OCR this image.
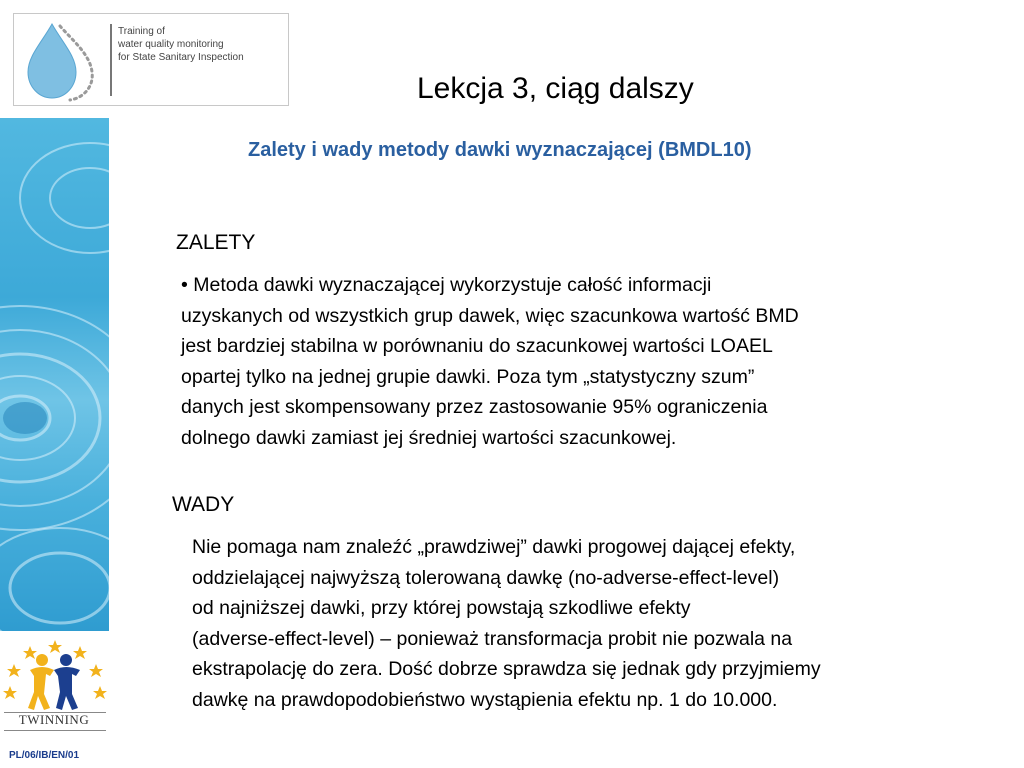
Training of
water quality monitoring
for State Sanitary Inspection
TWINNING
PL/06/IB/EN/01
Lekcja 3, ciąg dalszy
Zalety i wady metody dawki wyznaczającej (BMDL10)
ZALETY
• Metoda dawki wyznaczającej wykorzystuje całość informacji
uzyskanych od wszystkich grup dawek, więc szacunkowa wartość BMD
jest bardziej stabilna w porównaniu do szacunkowej wartości LOAEL
opartej tylko na jednej grupie dawki. Poza tym „statystyczny szum”
danych jest skompensowany przez zastosowanie 95% ograniczenia
dolnego dawki zamiast jej średniej wartości szacunkowej.
WADY
Nie pomaga nam znaleźć „prawdziwej” dawki progowej dającej efekty,
oddzielającej najwyższą tolerowaną dawkę (no-adverse-effect-level)
od najniższej dawki, przy której powstają szkodliwe efekty
(adverse-effect-level) – ponieważ transformacja probit nie pozwala na
ekstrapolację do zera. Dość dobrze sprawdza się jednak gdy przyjmiemy
dawkę na prawdopodobieństwo wystąpienia efektu np. 1 do 10.000.
